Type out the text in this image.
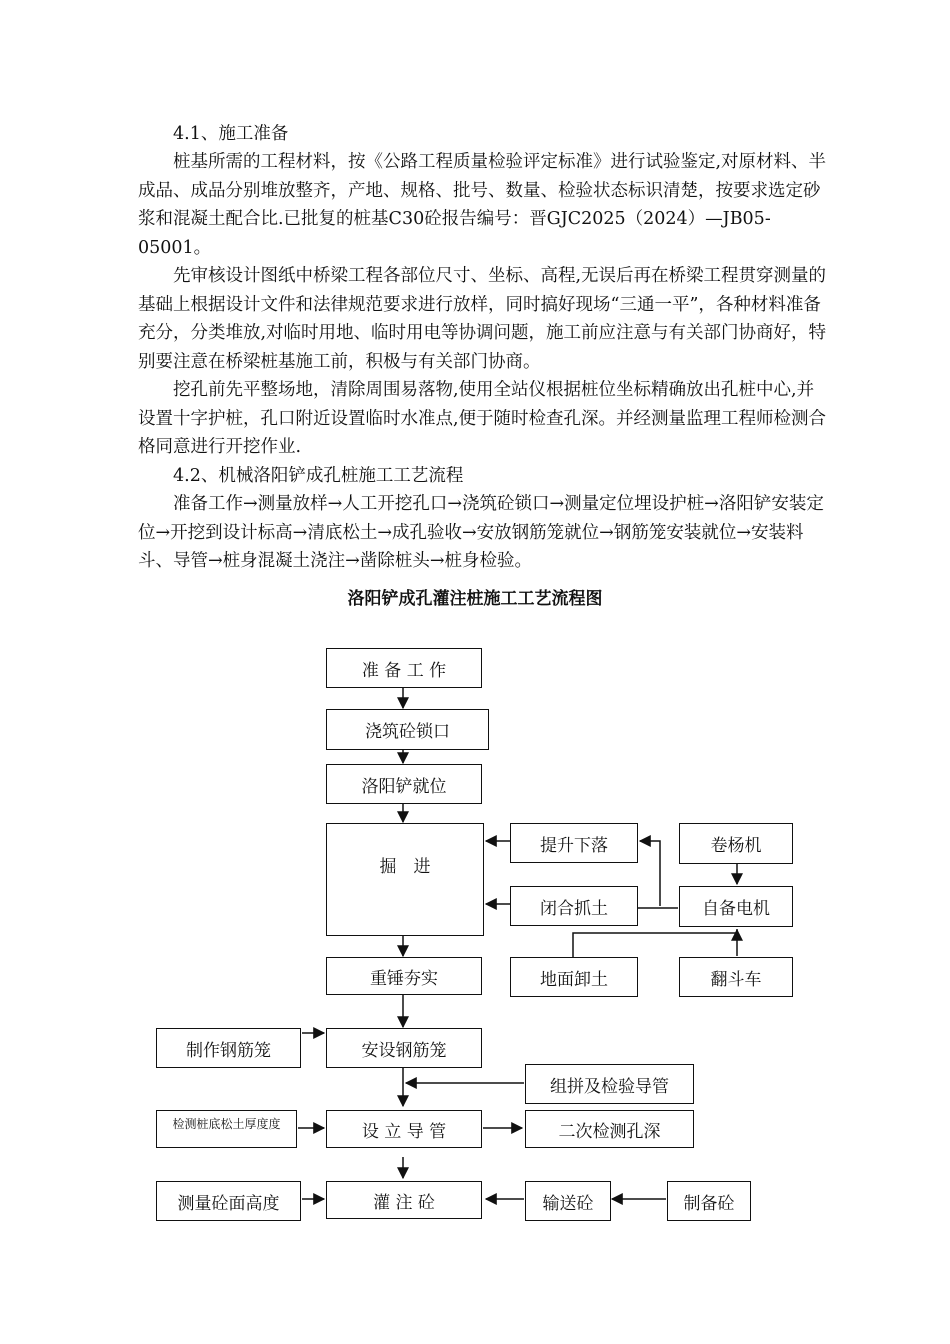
4.1、施工准备

桩基所需的工程材料，按《公路工程质量检验评定标准》进行试验鉴定,对原材料、半成品、成品分别堆放整齐，产地、规格、批号、数量、检验状态标识清楚，按要求选定砂浆和混凝土配合比.已批复的桩基C30砼报告编号：晋GJC2025（2024）—JB05-05001。

先审核设计图纸中桥梁工程各部位尺寸、坐标、高程,无误后再在桥梁工程贯穿测量的基础上根据设计文件和法律规范要求进行放样，同时搞好现场“三通一平”，各种材料准备充分，分类堆放,对临时用地、临时用电等协调问题，施工前应注意与有关部门协商好，特别要注意在桥梁桩基施工前，积极与有关部门协商。

挖孔前先平整场地，清除周围易落物,使用全站仪根据桩位坐标精确放出孔桩中心,并设置十字护桩，孔口附近设置临时水准点,便于随时检查孔深。并经测量监理工程师检测合格同意进行开挖作业.

4.2、机械洛阳铲成孔桩施工工艺流程

准备工作→测量放样→人工开挖孔口→浇筑砼锁口→测量定位埋设护桩→洛阳铲安装定位→开挖到设计标高→清底松土→成孔验收→安放钢筋笼就位→钢筋笼安装就位→安装料斗、导管→桩身混凝土浇注→凿除桩头→桩身检验。

洛阳铲成孔灌注桩施工工艺流程图
准 备 工 作
浇筑砼锁口
洛阳铲就位
掘　进
提升下落	卷杨机
闭合抓土	自备电机
地面卸土	翻斗车
重锤夯实
制作钢筋笼	安设钢筋笼
组拼及检验导管
检测桩底松土厚度度	设 立 导 管	二次检测孔深
测量砼面高度	灌 注 砼	输送砼	制备砼
